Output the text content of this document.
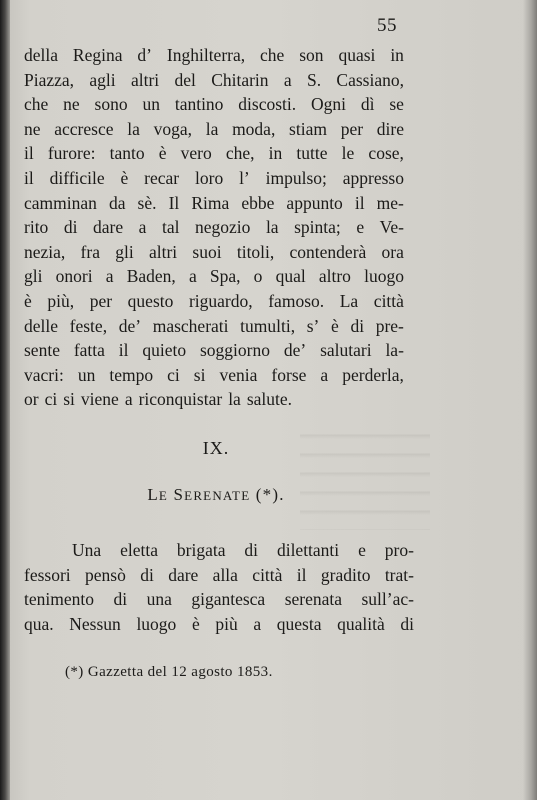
55
della Regina d’ Inghilterra, che son quasi in
Piazza, agli altri del Chitarin a S. Cassiano,
che ne sono un tantino discosti. Ogni dì se
ne accresce la voga, la moda, stiam per dire
il furore: tanto è vero che, in tutte le cose,
il difficile è recar loro l’ impulso; appresso
camminan da sè. Il Rima ebbe appunto il me-
rito di dare a tal negozio la spinta; e Ve-
nezia, fra gli altri suoi titoli, contenderà ora
gli onori a Baden, a Spa, o qual altro luogo
è più, per questo riguardo, famoso. La città
delle feste, de’ mascherati tumulti, s’ è di pre-
sente fatta il quieto soggiorno de’ salutari la-
vacri: un tempo ci si venia forse a perderla,
or ci si viene a riconquistar la salute.
IX.
LE SERENATE (*).
Una eletta brigata di dilettanti e pro-
fessori pensò di dare alla città il gradito trat-
tenimento di una gigantesca serenata sull’ac-
qua. Nessun luogo è più a questa qualità di
(*) Gazzetta del 12 agosto 1853.
